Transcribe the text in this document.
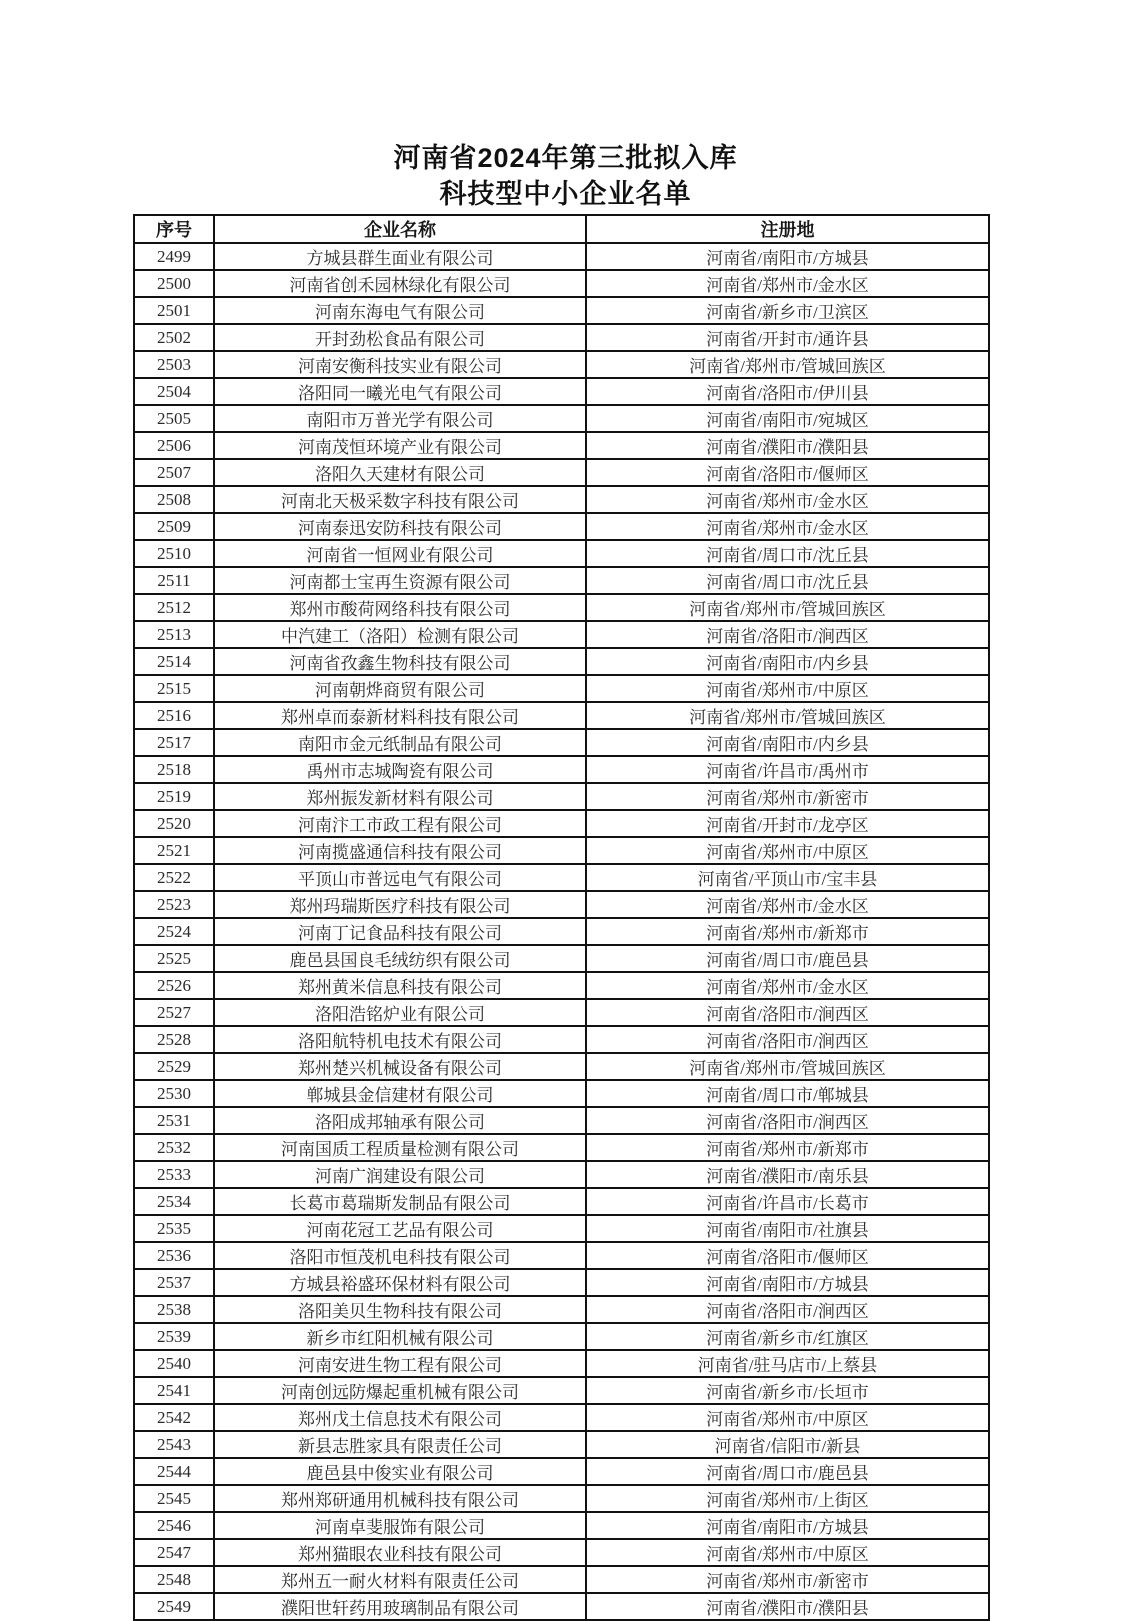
河南省2024年第三批拟入库
科技型中小企业名单
序号	企业名称	注册地
2499	方城县群生面业有限公司	河南省/南阳市/方城县
2500	河南省创禾园林绿化有限公司	河南省/郑州市/金水区
2501	河南东海电气有限公司	河南省/新乡市/卫滨区
2502	开封劲松食品有限公司	河南省/开封市/通许县
2503	河南安衡科技实业有限公司	河南省/郑州市/管城回族区
2504	洛阳同一曦光电气有限公司	河南省/洛阳市/伊川县
2505	南阳市万普光学有限公司	河南省/南阳市/宛城区
2506	河南茂恒环境产业有限公司	河南省/濮阳市/濮阳县
2507	洛阳久天建材有限公司	河南省/洛阳市/偃师区
2508	河南北天极采数字科技有限公司	河南省/郑州市/金水区
2509	河南泰迅安防科技有限公司	河南省/郑州市/金水区
2510	河南省一恒网业有限公司	河南省/周口市/沈丘县
2511	河南都士宝再生资源有限公司	河南省/周口市/沈丘县
2512	郑州市酸荷网络科技有限公司	河南省/郑州市/管城回族区
2513	中汽建工（洛阳）检测有限公司	河南省/洛阳市/涧西区
2514	河南省孜鑫生物科技有限公司	河南省/南阳市/内乡县
2515	河南朝烨商贸有限公司	河南省/郑州市/中原区
2516	郑州卓而泰新材料科技有限公司	河南省/郑州市/管城回族区
2517	南阳市金元纸制品有限公司	河南省/南阳市/内乡县
2518	禹州市志城陶瓷有限公司	河南省/许昌市/禹州市
2519	郑州振发新材料有限公司	河南省/郑州市/新密市
2520	河南汴工市政工程有限公司	河南省/开封市/龙亭区
2521	河南揽盛通信科技有限公司	河南省/郑州市/中原区
2522	平顶山市普远电气有限公司	河南省/平顶山市/宝丰县
2523	郑州玛瑞斯医疗科技有限公司	河南省/郑州市/金水区
2524	河南丁记食品科技有限公司	河南省/郑州市/新郑市
2525	鹿邑县国良毛绒纺织有限公司	河南省/周口市/鹿邑县
2526	郑州黄米信息科技有限公司	河南省/郑州市/金水区
2527	洛阳浩铭炉业有限公司	河南省/洛阳市/涧西区
2528	洛阳航特机电技术有限公司	河南省/洛阳市/涧西区
2529	郑州楚兴机械设备有限公司	河南省/郑州市/管城回族区
2530	郸城县金信建材有限公司	河南省/周口市/郸城县
2531	洛阳成邦轴承有限公司	河南省/洛阳市/涧西区
2532	河南国质工程质量检测有限公司	河南省/郑州市/新郑市
2533	河南广润建设有限公司	河南省/濮阳市/南乐县
2534	长葛市葛瑞斯发制品有限公司	河南省/许昌市/长葛市
2535	河南花冠工艺品有限公司	河南省/南阳市/社旗县
2536	洛阳市恒茂机电科技有限公司	河南省/洛阳市/偃师区
2537	方城县裕盛环保材料有限公司	河南省/南阳市/方城县
2538	洛阳美贝生物科技有限公司	河南省/洛阳市/涧西区
2539	新乡市红阳机械有限公司	河南省/新乡市/红旗区
2540	河南安进生物工程有限公司	河南省/驻马店市/上蔡县
2541	河南创远防爆起重机械有限公司	河南省/新乡市/长垣市
2542	郑州戊土信息技术有限公司	河南省/郑州市/中原区
2543	新县志胜家具有限责任公司	河南省/信阳市/新县
2544	鹿邑县中俊实业有限公司	河南省/周口市/鹿邑县
2545	郑州郑研通用机械科技有限公司	河南省/郑州市/上街区
2546	河南卓斐服饰有限公司	河南省/南阳市/方城县
2547	郑州猫眼农业科技有限公司	河南省/郑州市/中原区
2548	郑州五一耐火材料有限责任公司	河南省/郑州市/新密市
2549	濮阳世轩药用玻璃制品有限公司	河南省/濮阳市/濮阳县
